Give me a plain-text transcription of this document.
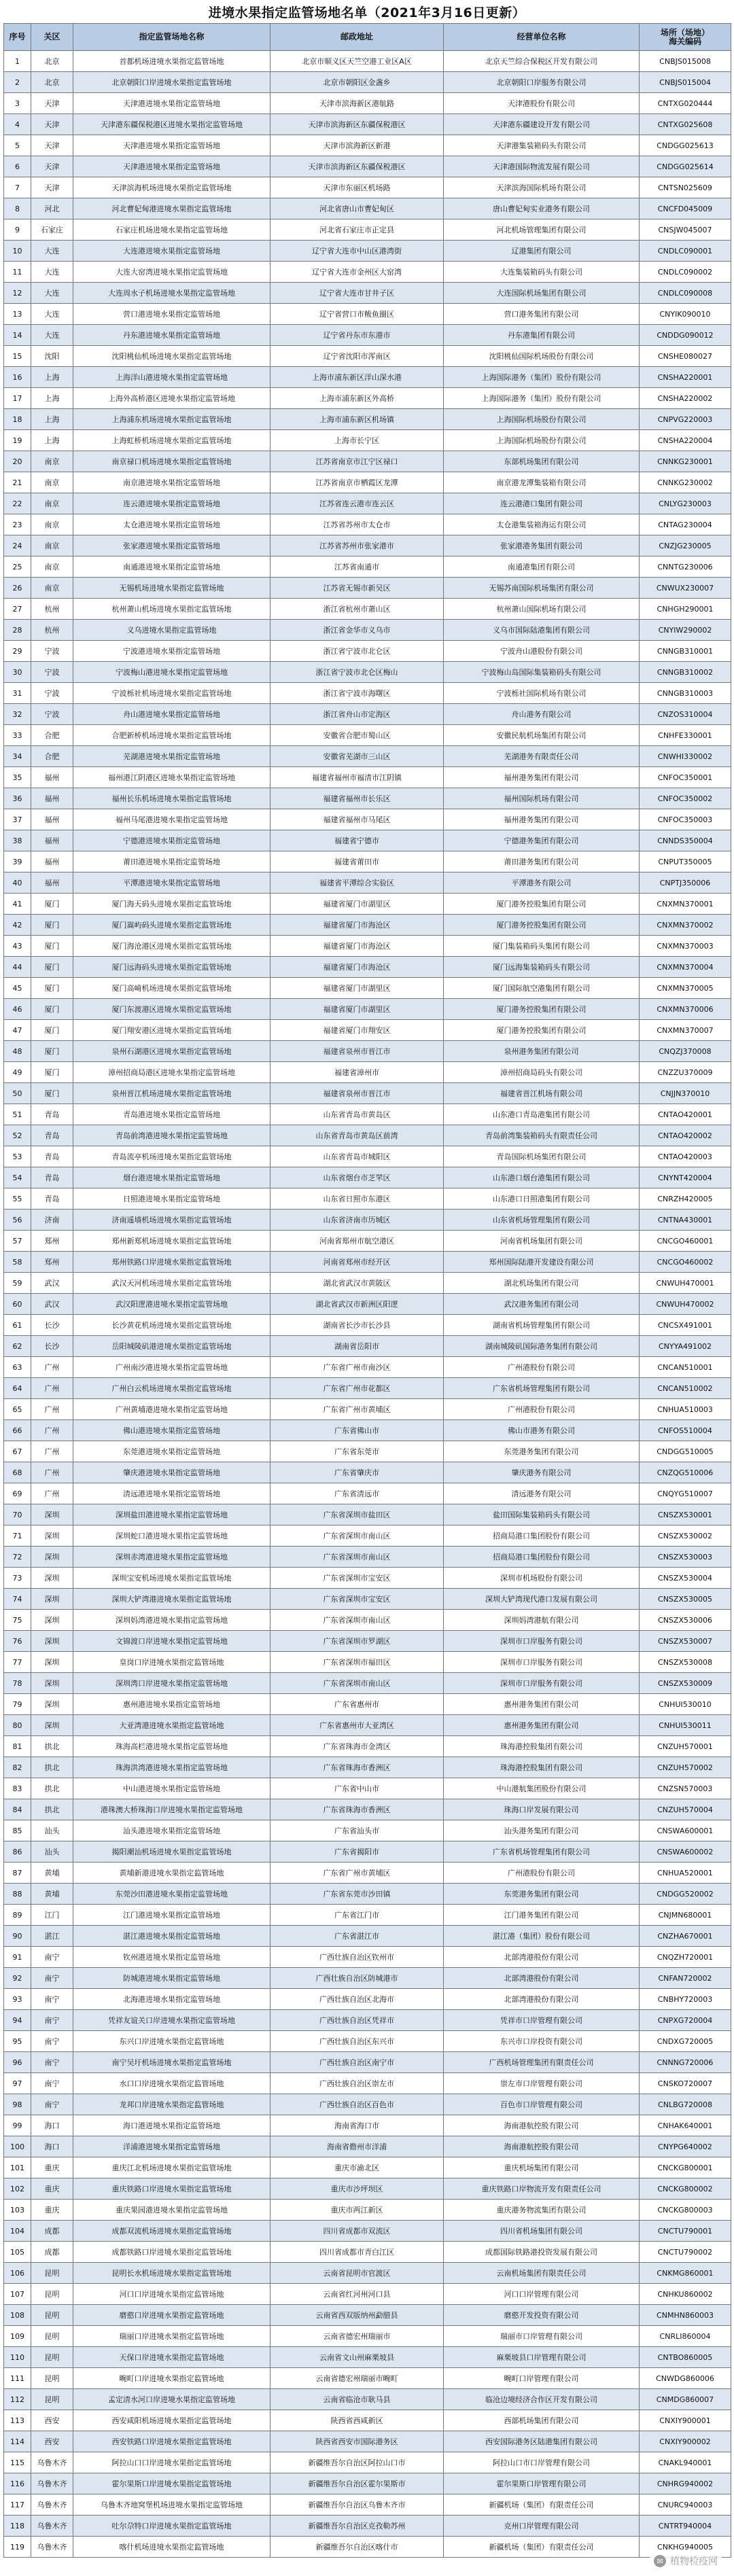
进境水果指定监管场地名单（2021年3月16日更新）
序号	关区	指定监管场地名称	邮政地址	经营单位名称	场所（场地）
海关编码

1	北京	首都机场进境水果指定监管场地	北京市顺义区天竺空港工业区A区	北京天竺综合保税区开发有限公司	CNBJS015008
2	北京	北京朝阳口岸进境水果指定监管场地	北京市朝阳区金盏乡	北京朝阳口岸服务有限公司	CNBJS015004
3	天津	天津港进境水果指定监管场地	天津市滨海新区港航路	天津港股份有限公司	CNTXG020444
4	天津	天津港东疆保税港区进境水果指定监管场地	天津市滨海新区东疆保税港区	天津港东疆建设开发有限公司	CNTXG025608
5	天津	天津港进境水果指定监管场地	天津市滨海新区新港	天津港集装箱码头有限公司	CNDGG025613
6	天津	天津港进境水果指定监管场地	天津市滨海新区东疆保税港区	天津港国际物流发展有限公司	CNDGG025614
7	天津	天津滨海机场进境水果指定监管场地	天津市东丽区机场路	天津滨海国际机场有限公司	CNTSN025609
8	河北	河北曹妃甸港进境水果指定监管场地	河北省唐山市曹妃甸区	唐山曹妃甸实业港务有限公司	CNCFD045009
9	石家庄	石家庄机场进境水果指定监管场地	河北省石家庄市正定县	河北机场管理集团有限公司	CNSJW045007
10	大连	大连港进境水果指定监管场地	辽宁省大连市中山区港湾街	辽港集团有限公司	CNDLC090001
11	大连	大连大窑湾进境水果指定监管场地	辽宁省大连市金州区大窑湾	大连集装箱码头有限公司	CNDLC090002
12	大连	大连周水子机场进境水果指定监管场地	辽宁省大连市甘井子区	大连国际机场集团有限公司	CNDLC090008
13	大连	营口港进境水果指定监管场地	辽宁省营口市鲅鱼圈区	营口港务集团有限公司	CNYIK090010
14	大连	丹东港进境水果指定监管场地	辽宁省丹东市东港市	丹东港集团有限公司	CNDDG090012
15	沈阳	沈阳桃仙机场进境水果指定监管场地	辽宁省沈阳市浑南区	沈阳桃仙国际机场股份有限公司	CNSHE080027
16	上海	上海洋山港进境水果指定监管场地	上海市浦东新区洋山深水港	上海国际港务（集团）股份有限公司	CNSHA220001
17	上海	上海外高桥港区进境水果指定监管场地	上海市浦东新区外高桥	上海国际港务（集团）股份有限公司	CNSHA220002
18	上海	上海浦东机场进境水果指定监管场地	上海市浦东新区机场镇	上海国际机场股份有限公司	CNPVG220003
19	上海	上海虹桥机场进境水果指定监管场地	上海市长宁区	上海国际机场股份有限公司	CNSHA220004
20	南京	南京禄口机场进境水果指定监管场地	江苏省南京市江宁区禄口	东部机场集团有限公司	CNNKG230001
21	南京	南京港进境水果指定监管场地	江苏省南京市栖霞区龙潭	南京港龙潭集装箱有限公司	CNNKG230002
22	南京	连云港进境水果指定监管场地	江苏省连云港市连云区	连云港港口集团有限公司	CNLYG230003
23	南京	太仓港进境水果指定监管场地	江苏省苏州市太仓市	太仓港集装箱海运有限公司	CNTAG230004
24	南京	张家港进境水果指定监管场地	江苏省苏州市张家港市	张家港港务集团有限公司	CNZJG230005
25	南京	南通港进境水果指定监管场地	江苏省南通市	南通港集团有限公司	CNNTG230006
26	南京	无锡机场进境水果指定监管场地	江苏省无锡市新吴区	无锡苏南国际机场集团有限公司	CNWUX230007
27	杭州	杭州萧山机场进境水果指定监管场地	浙江省杭州市萧山区	杭州萧山国际机场有限公司	CNHGH290001
28	杭州	义乌进境水果指定监管场地	浙江省金华市义乌市	义乌市国际陆港集团有限公司	CNYIW290002
29	宁波	宁波港进境水果指定监管场地	浙江省宁波市北仑区	宁波舟山港股份有限公司	CNNGB310001
30	宁波	宁波梅山港进境水果指定监管场地	浙江省宁波市北仑区梅山	宁波梅山岛国际集装箱码头有限公司	CNNGB310002
31	宁波	宁波栎社机场进境水果指定监管场地	浙江省宁波市海曙区	宁波栎社国际机场有限公司	CNNGB310003
32	宁波	舟山港进境水果指定监管场地	浙江省舟山市定海区	舟山港务有限公司	CNZOS310004
33	合肥	合肥新桥机场进境水果指定监管场地	安徽省合肥市蜀山区	安徽民航机场集团有限公司	CNHFE330001
34	合肥	芜湖港进境水果指定监管场地	安徽省芜湖市三山区	芜湖港务有限责任公司	CNWHI330002
35	福州	福州港江阴港区进境水果指定监管场地	福建省福州市福清市江阴镇	福州港务集团有限公司	CNFOC350001
36	福州	福州长乐机场进境水果指定监管场地	福建省福州市长乐区	福州国际机场有限公司	CNFOC350002
37	福州	福州马尾港进境水果指定监管场地	福建省福州市马尾区	福州港务集团有限公司	CNFOC350003
38	福州	宁德港进境水果指定监管场地	福建省宁德市	宁德港务集团有限公司	CNNDS350004
39	福州	莆田港进境水果指定监管场地	福建省莆田市	莆田港务集团有限公司	CNPUT350005
40	福州	平潭港进境水果指定监管场地	福建省平潭综合实验区	平潭港务有限公司	CNPTJ350006
41	厦门	厦门海天码头进境水果指定监管场地	福建省厦门市湖里区	厦门港务控股集团有限公司	CNXMN370001
42	厦门	厦门嵩屿码头进境水果指定监管场地	福建省厦门市海沧区	厦门港务控股集团有限公司	CNXMN370002
43	厦门	厦门海沧港区进境水果指定监管场地	福建省厦门市海沧区	厦门集装箱码头集团有限公司	CNXMN370003
44	厦门	厦门远海码头进境水果指定监管场地	福建省厦门市海沧区	厦门远海集装箱码头有限公司	CNXMN370004
45	厦门	厦门高崎机场进境水果指定监管场地	福建省厦门市湖里区	厦门国际航空港集团有限公司	CNXMN370005
46	厦门	厦门东渡港区进境水果指定监管场地	福建省厦门市湖里区	厦门港务控股集团有限公司	CNXMN370006
47	厦门	厦门翔安港区进境水果指定监管场地	福建省厦门市翔安区	厦门港务控股集团有限公司	CNXMN370007
48	厦门	泉州石湖港区进境水果指定监管场地	福建省泉州市晋江市	泉州港务集团有限公司	CNQZJ370008
49	厦门	漳州招商局港区进境水果指定监管场地	福建省漳州市	漳州招商局码头有限公司	CNZZU370009
50	厦门	泉州晋江机场进境水果指定监管场地	福建省泉州市晋江市	福建省晋江机场有限公司	CNJJN370010
51	青岛	青岛港进境水果指定监管场地	山东省青岛市黄岛区	山东港口青岛港集团有限公司	CNTAO420001
52	青岛	青岛前湾港进境水果指定监管场地	山东省青岛市黄岛区前湾	青岛前湾集装箱码头有限责任公司	CNTAO420002
53	青岛	青岛流亭机场进境水果指定监管场地	山东省青岛市城阳区	青岛国际机场集团有限公司	CNTAO420003
54	青岛	烟台港进境水果指定监管场地	山东省烟台市芝罘区	山东港口烟台港集团有限公司	CNYNT420004
55	青岛	日照港进境水果指定监管场地	山东省日照市东港区	山东港口日照港集团有限公司	CNRZH420005
56	济南	济南遥墙机场进境水果指定监管场地	山东省济南市历城区	山东省机场管理集团有限公司	CNTNA430001
57	郑州	郑州新郑机场进境水果指定监管场地	河南省郑州市航空港区	河南省机场集团有限公司	CNCGO460001
58	郑州	郑州铁路口岸进境水果指定监管场地	河南省郑州市经开区	郑州国际陆港开发建设有限公司	CNCGO460002
59	武汉	武汉天河机场进境水果指定监管场地	湖北省武汉市黄陂区	湖北机场集团有限公司	CNWUH470001
60	武汉	武汉阳逻港进境水果指定监管场地	湖北省武汉市新洲区阳逻	武汉港务集团有限公司	CNWUH470002
61	长沙	长沙黄花机场进境水果指定监管场地	湖南省长沙市长沙县	湖南省机场管理集团有限公司	CNCSX491001
62	长沙	岳阳城陵矶港进境水果指定监管场地	湖南省岳阳市	湖南城陵矶国际港务集团有限公司	CNYYA491002
63	广州	广州南沙港进境水果指定监管场地	广东省广州市南沙区	广州港股份有限公司	CNCAN510001
64	广州	广州白云机场进境水果指定监管场地	广东省广州市花都区	广东省机场管理集团有限公司	CNCAN510002
65	广州	广州黄埔港进境水果指定监管场地	广东省广州市黄埔区	广州港股份有限公司	CNHUA510003
66	广州	佛山港进境水果指定监管场地	广东省佛山市	佛山市港务有限公司	CNFOS510004
67	广州	东莞港进境水果指定监管场地	广东省东莞市	东莞港务集团有限公司	CNDGG510005
68	广州	肇庆港进境水果指定监管场地	广东省肇庆市	肇庆港务有限公司	CNZQG510006
69	广州	清远港进境水果指定监管场地	广东省清远市	清远港务有限公司	CNQYG510007
70	深圳	深圳盐田港进境水果指定监管场地	广东省深圳市盐田区	盐田国际集装箱码头有限公司	CNSZX530001
71	深圳	深圳蛇口港进境水果指定监管场地	广东省深圳市南山区	招商局港口集团股份有限公司	CNSZX530002
72	深圳	深圳赤湾港进境水果指定监管场地	广东省深圳市南山区	招商局港口集团股份有限公司	CNSZX530003
73	深圳	深圳宝安机场进境水果指定监管场地	广东省深圳市宝安区	深圳市机场股份有限公司	CNSZX530004
74	深圳	深圳大铲湾港进境水果指定监管场地	广东省深圳市宝安区	深圳大铲湾现代港口发展有限公司	CNSZX530005
75	深圳	深圳妈湾港进境水果指定监管场地	广东省深圳市南山区	深圳妈湾港航有限公司	CNSZX530006
76	深圳	文锦渡口岸进境水果指定监管场地	广东省深圳市罗湖区	深圳市口岸服务有限公司	CNSZX530007
77	深圳	皇岗口岸进境水果指定监管场地	广东省深圳市福田区	深圳市口岸服务有限公司	CNSZX530008
78	深圳	深圳湾口岸进境水果指定监管场地	广东省深圳市南山区	深圳市口岸服务有限公司	CNSZX530009
79	深圳	惠州港进境水果指定监管场地	广东省惠州市	惠州港务集团有限公司	CNHUI530010
80	深圳	大亚湾港进境水果指定监管场地	广东省惠州市大亚湾区	惠州港务集团有限公司	CNHUI530011
81	拱北	珠海高栏港进境水果指定监管场地	广东省珠海市金湾区	珠海港控股集团有限公司	CNZUH570001
82	拱北	珠海洪湾港进境水果指定监管场地	广东省珠海市香洲区	珠海港控股集团有限公司	CNZUH570002
83	拱北	中山港进境水果指定监管场地	广东省中山市	中山港航集团股份有限公司	CNZSN570003
84	拱北	港珠澳大桥珠海口岸进境水果指定监管场地	广东省珠海市香洲区	珠海口岸发展有限公司	CNZUH570004
85	汕头	汕头港进境水果指定监管场地	广东省汕头市	汕头港务集团有限公司	CNSWA600001
86	汕头	揭阳潮汕机场进境水果指定监管场地	广东省揭阳市	广东省机场管理集团有限公司	CNSWA600002
87	黄埔	黄埔新港进境水果指定监管场地	广东省广州市黄埔区	广州港股份有限公司	CNHUA520001
88	黄埔	东莞沙田港进境水果指定监管场地	广东省东莞市沙田镇	东莞港务集团有限公司	CNDGG520002
89	江门	江门港进境水果指定监管场地	广东省江门市	江门港务集团有限公司	CNJMN680001
90	湛江	湛江港进境水果指定监管场地	广东省湛江市	湛江港（集团）股份有限公司	CNZHA670001
91	南宁	钦州港进境水果指定监管场地	广西壮族自治区钦州市	北部湾港股份有限公司	CNQZH720001
92	南宁	防城港进境水果指定监管场地	广西壮族自治区防城港市	北部湾港股份有限公司	CNFAN720002
93	南宁	北海港进境水果指定监管场地	广西壮族自治区北海市	北部湾港股份有限公司	CNBHY720003
94	南宁	凭祥友谊关口岸进境水果指定监管场地	广西壮族自治区凭祥市	凭祥市口岸管理有限公司	CNPXG720004
95	南宁	东兴口岸进境水果指定监管场地	广西壮族自治区东兴市	东兴市口岸投资有限公司	CNDXG720005
96	南宁	南宁吴圩机场进境水果指定监管场地	广西壮族自治区南宁市	广西机场管理集团有限责任公司	CNNNG720006
97	南宁	水口口岸进境水果指定监管场地	广西壮族自治区崇左市	崇左市口岸管理有限公司	CNSKO720007
98	南宁	龙邦口岸进境水果指定监管场地	广西壮族自治区百色市	百色市口岸管理有限公司	CNLBG720008
99	海口	海口港进境水果指定监管场地	海南省海口市	海南港航控股有限公司	CNHAK640001
100	海口	洋浦港进境水果指定监管场地	海南省儋州市洋浦	海南港航控股有限公司	CNYPG640002
101	重庆	重庆江北机场进境水果指定监管场地	重庆市渝北区	重庆机场集团有限公司	CNCKG800001
102	重庆	重庆铁路口岸进境水果指定监管场地	重庆市沙坪坝区	重庆铁路口岸物流开发有限责任公司	CNCKG800002
103	重庆	重庆果园港进境水果指定监管场地	重庆市两江新区	重庆港务物流集团有限公司	CNCKG800003
104	成都	成都双流机场进境水果指定监管场地	四川省成都市双流区	四川省机场集团有限公司	CNCTU790001
105	成都	成都铁路口岸进境水果指定监管场地	四川省成都市青白江区	成都国际铁路港投资发展有限公司	CNCTU790002
106	昆明	昆明长水机场进境水果指定监管场地	云南省昆明市官渡区	云南机场集团有限责任公司	CNKMG860001
107	昆明	河口口岸进境水果指定监管场地	云南省红河州河口县	河口口岸管理有限公司	CNHKU860002
108	昆明	磨憨口岸进境水果指定监管场地	云南省西双版纳州勐腊县	磨憨开发投资有限公司	CNMHN860003
109	昆明	瑞丽口岸进境水果指定监管场地	云南省德宏州瑞丽市	瑞丽市口岸管理有限公司	CNRLI860004
110	昆明	天保口岸进境水果指定监管场地	云南省文山州麻栗坡县	麻栗坡县口岸管理有限公司	CNTBO860005
111	昆明	畹町口岸进境水果指定监管场地	云南省德宏州瑞丽市畹町	畹町口岸管理有限公司	CNWDG860006
112	昆明	孟定清水河口岸进境水果指定监管场地	云南省临沧市耿马县	临沧边境经济合作区开发有限公司	CNMDG860007
113	西安	西安咸阳机场进境水果指定监管场地	陕西省西咸新区	西部机场集团有限公司	CNXIY900001
114	西安	西安铁路口岸进境水果指定监管场地	陕西省西安市国际港务区	西安国际港务区陆港集团有限公司	CNXIY900002
115	乌鲁木齐	阿拉山口口岸进境水果指定监管场地	新疆维吾尔自治区阿拉山口市	阿拉山口市口岸管理有限公司	CNAKL940001
116	乌鲁木齐	霍尔果斯口岸进境水果指定监管场地	新疆维吾尔自治区霍尔果斯市	霍尔果斯口岸管理有限公司	CNHRG940002
117	乌鲁木齐	乌鲁木齐地窝堡机场进境水果指定监管场地	新疆维吾尔自治区乌鲁木齐市	新疆机场（集团）有限责任公司	CNURC940003
118	乌鲁木齐	吐尔尕特口岸进境水果指定监管场地	新疆维吾尔自治区克孜勒苏州	克州口岸管理有限公司	CNTRT940004
119	乌鲁木齐	喀什机场进境水果指定监管场地	新疆维吾尔自治区喀什市	新疆机场（集团）有限责任公司	CNKHG940005
✉ 植物检疫网
